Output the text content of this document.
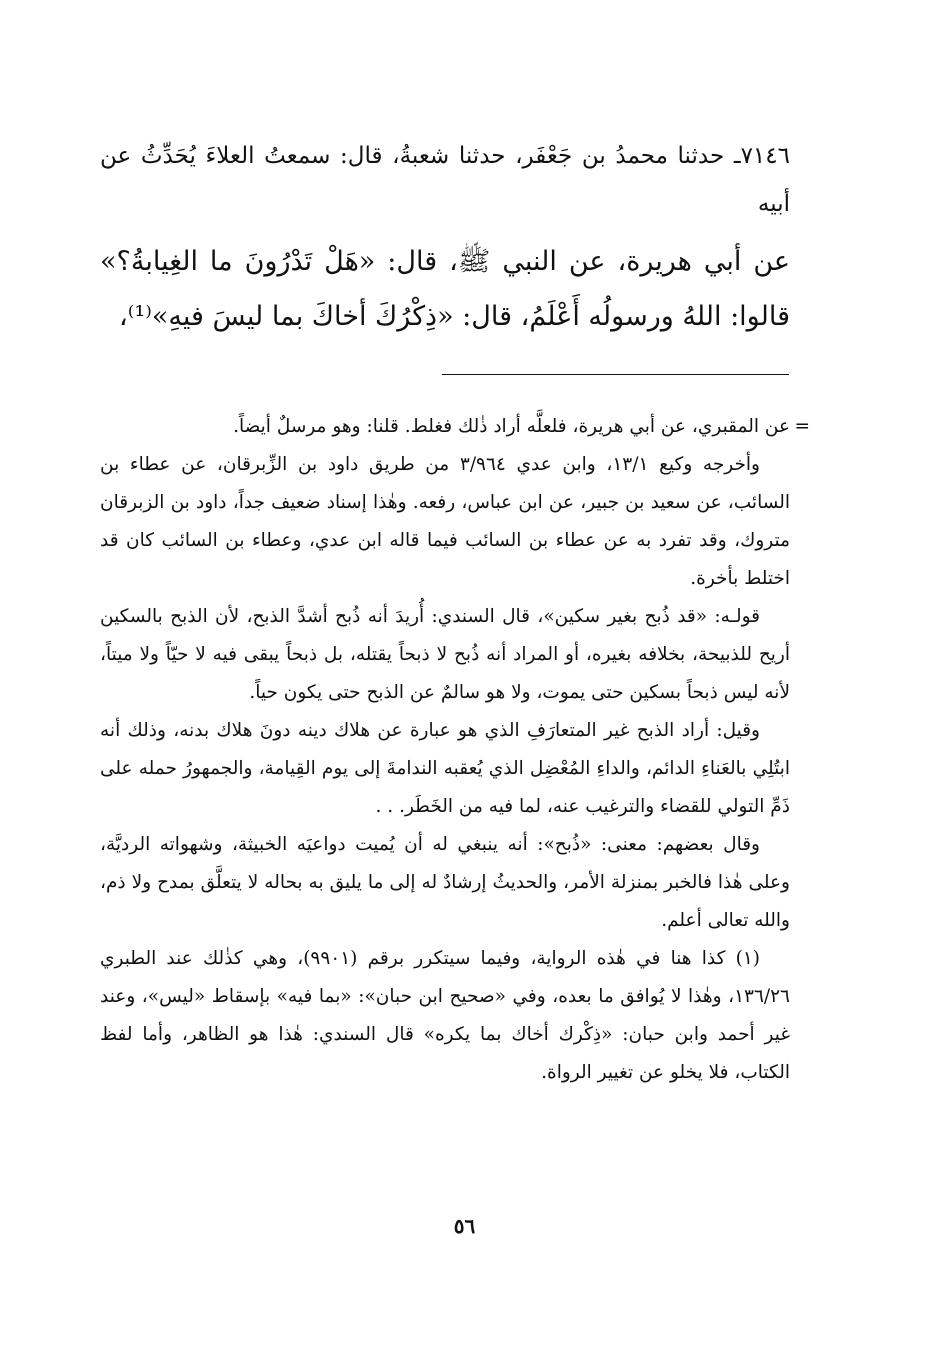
٧١٤٦ـ حدثنا محمدُ بن جَعْفَر، حدثنا شعبةُ، قال: سمعتُ العلاءَ يُحَدِّثُ عن أبيه

عن أبي هريرة، عن النبي ﷺ، قال: «هَلْ تَدْرُونَ ما الغِيابةُ؟» قالوا: اللهُ ورسولُه أَعْلَمُ، قال: «ذِكْرُكَ أخاكَ بما ليسَ فيهِ»⁽¹⁾،

=

عن المقبري، عن أبي هريرة، فلعلَّه أراد ذٰلك فغلط. قلنا: وهو مرسلٌ أيضاً.

وأخرجه وكيع ١٣/١، وابن عدي ٣/٩٦٤ من طريق داود بن الزِّبرقان، عن عطاء بن السائب، عن سعيد بن جبير، عن ابن عباس، رفعه. وهٰذا إسناد ضعيف جداً، داود بن الزبرقان متروك، وقد تفرد به عن عطاء بن السائب فيما قاله ابن عدي، وعطاء بن السائب كان قد اختلط بأخرة.

قولـه: «قد ذُبح بغير سكين»، قال السندي: أُريدَ أنه ذُبح أشدَّ الذبح، لأن الذبح بالسكين أريح للذبيحة، بخلافه بغيره، أو المراد أنه ذُبح لا ذبحاً يقتله، بل ذبحاً يبقى فيه لا حيّاً ولا ميتاً، لأنه ليس ذبحاً بسكين حتى يموت، ولا هو سالمٌ عن الذبح حتى يكون حياً.

وقيل: أراد الذبح غير المتعارَفِ الذي هو عبارة عن هلاك دينه دونَ هلاك بدنه، وذلك أنه ابتُلِي بالعَناءِ الدائم، والداءِ المُعْضِل الذي يُعقبه الندامةَ إلى يوم القِيامة، والجمهورُ حمله على ذَمِّ التولي للقضاء والترغيب عنه، لما فيه من الخَطَر. . .

وقال بعضهم: معنى: «ذُبح»: أنه ينبغي له أن يُميت دواعيَه الخبيثة، وشهواته الرديَّة، وعلى هٰذا فالخبر بمنزلة الأمر، والحديثُ إرشادٌ له إلى ما يليق به بحاله لا يتعلَّق بمدح ولا ذم، والله تعالى أعلم.

(١) كذا هنا في هٰذه الرواية، وفيما سيتكرر برقم (٩٩٠١)، وهي كذٰلك عند الطبري ١٣٦/٢٦، وهٰذا لا يُوافق ما بعده، وفي «صحيح ابن حبان»: «بما فيه» بإسقاط «ليس»، وعند غير أحمد وابن حبان: «ذِكْرك أخاك بما يكره» قال السندي: هٰذا هو الظاهر، وأما لفظ الكتاب، فلا يخلو عن تغيير الرواة.

٥٦
